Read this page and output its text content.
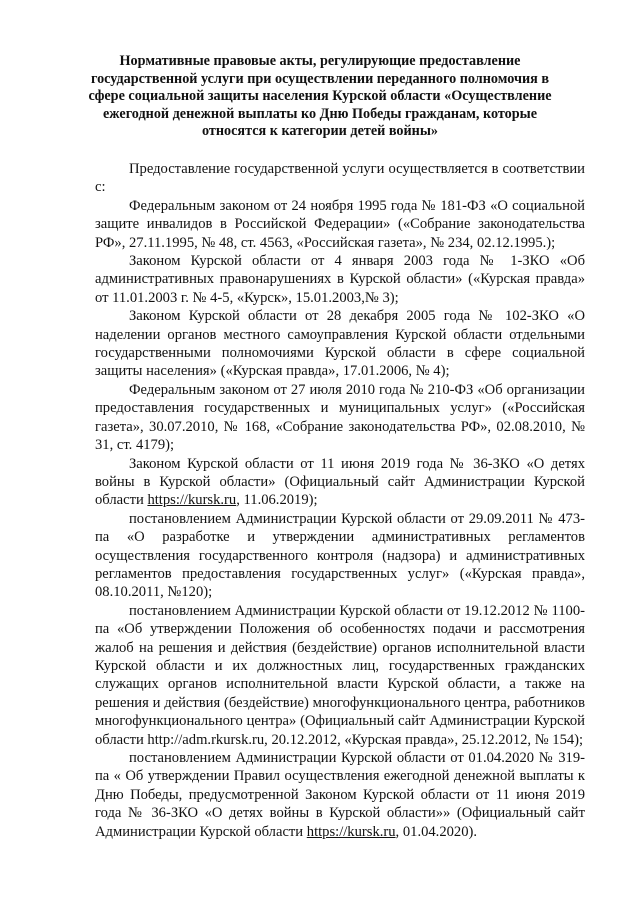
Нормативные правовые акты, регулирующие предоставление государственной услуги при осуществлении переданного полномочия в сфере социальной защиты населения Курской области «Осуществление ежегодной денежной выплаты ко Дню Победы гражданам, которые относятся к категории детей войны»

Предоставление государственной услуги осуществляется в соответствии с:

Федеральным законом от 24 ноября 1995 года № 181-ФЗ «О социальной защите инвалидов в Российской Федерации» («Собрание законодательства РФ», 27.11.1995, № 48, ст. 4563, «Российская газета», № 234, 02.12.1995.);

Законом Курской области от 4 января 2003 года № 1-ЗКО «Об административных правонарушениях в Курской области» («Курская правда» от 11.01.2003 г. № 4-5, «Курск», 15.01.2003,№ 3);

Законом Курской области от 28 декабря 2005 года № 102-ЗКО «О наделении органов местного самоуправления Курской области отдельными государственными полномочиями Курской области в сфере социальной защиты населения» («Курская правда», 17.01.2006, № 4);

Федеральным законом от 27 июля 2010 года № 210-ФЗ «Об организации предоставления государственных и муниципальных услуг» («Российская газета», 30.07.2010, № 168, «Собрание законодательства РФ», 02.08.2010, № 31, ст. 4179);

Законом Курской области от 11 июня 2019 года № 36-ЗКО «О детях войны в Курской области» (Официальный сайт Администрации Курской области https://kursk.ru, 11.06.2019);

постановлением Администрации Курской области от 29.09.2011 № 473-па «О разработке и утверждении административных регламентов осуществления государственного контроля (надзора) и административных регламентов предоставления государственных услуг» («Курская правда», 08.10.2011, №120);

постановлением Администрации Курской области от 19.12.2012 № 1100-па «Об утверждении Положения об особенностях подачи и рассмотрения жалоб на решения и действия (бездействие) органов исполнительной власти Курской области и их должностных лиц, государственных гражданских служащих органов исполнительной власти Курской области, а также на решения и действия (бездействие) многофункционального центра, работников многофункционального центра» (Официальный сайт Администрации Курской области http://adm.rkursk.ru, 20.12.2012, «Курская правда», 25.12.2012, № 154);

постановлением Администрации Курской области от 01.04.2020 № 319-па « Об утверждении Правил осуществления ежегодной денежной выплаты к Дню Победы, предусмотренной Законом Курской области от 11 июня 2019 года № 36-ЗКО «О детях войны в Курской области»» (Официальный сайт Администрации Курской области https://kursk.ru, 01.04.2020).
